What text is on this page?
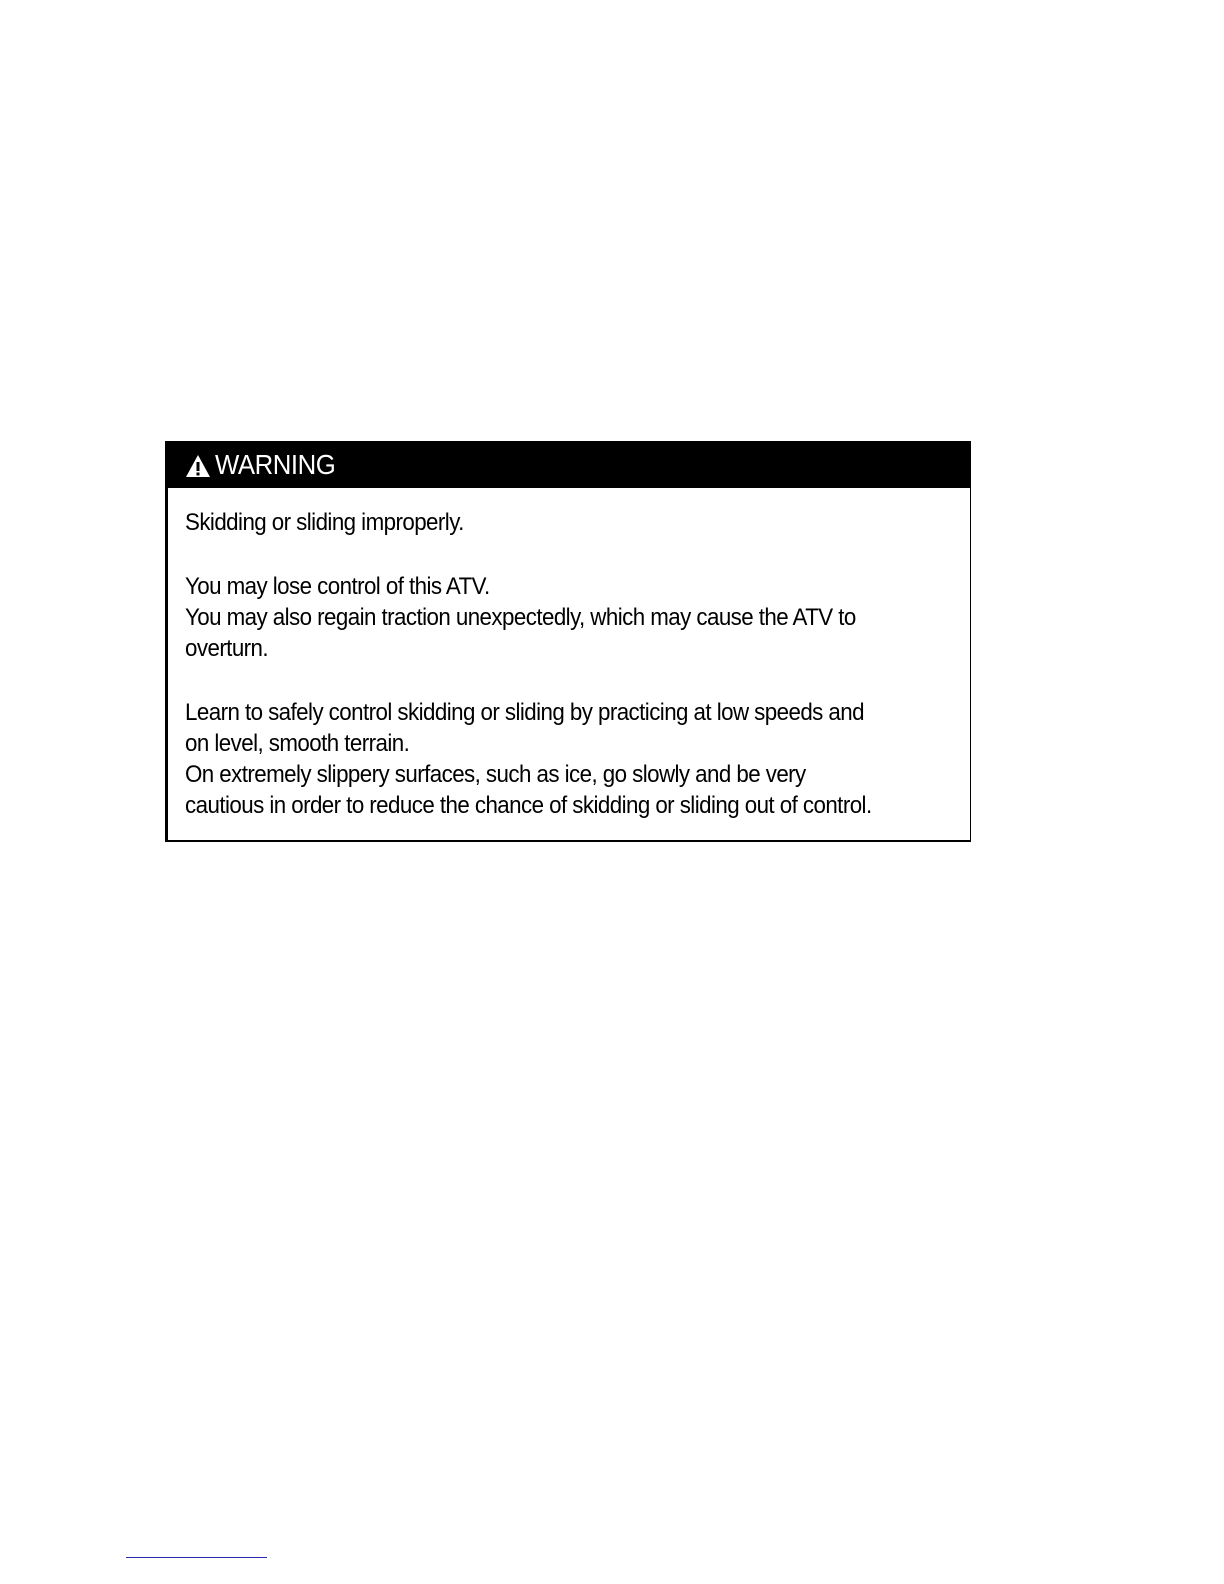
WARNING

Skidding or sliding improperly.

You may lose control of this ATV.

You may also regain traction unexpectedly, which may cause the ATV to

overturn.

Learn to safely control skidding or sliding by practicing at low speeds and

on level, smooth terrain.

On extremely slippery surfaces, such as ice, go slowly and be very

cautious in order to reduce the chance of skidding or sliding out of control.
